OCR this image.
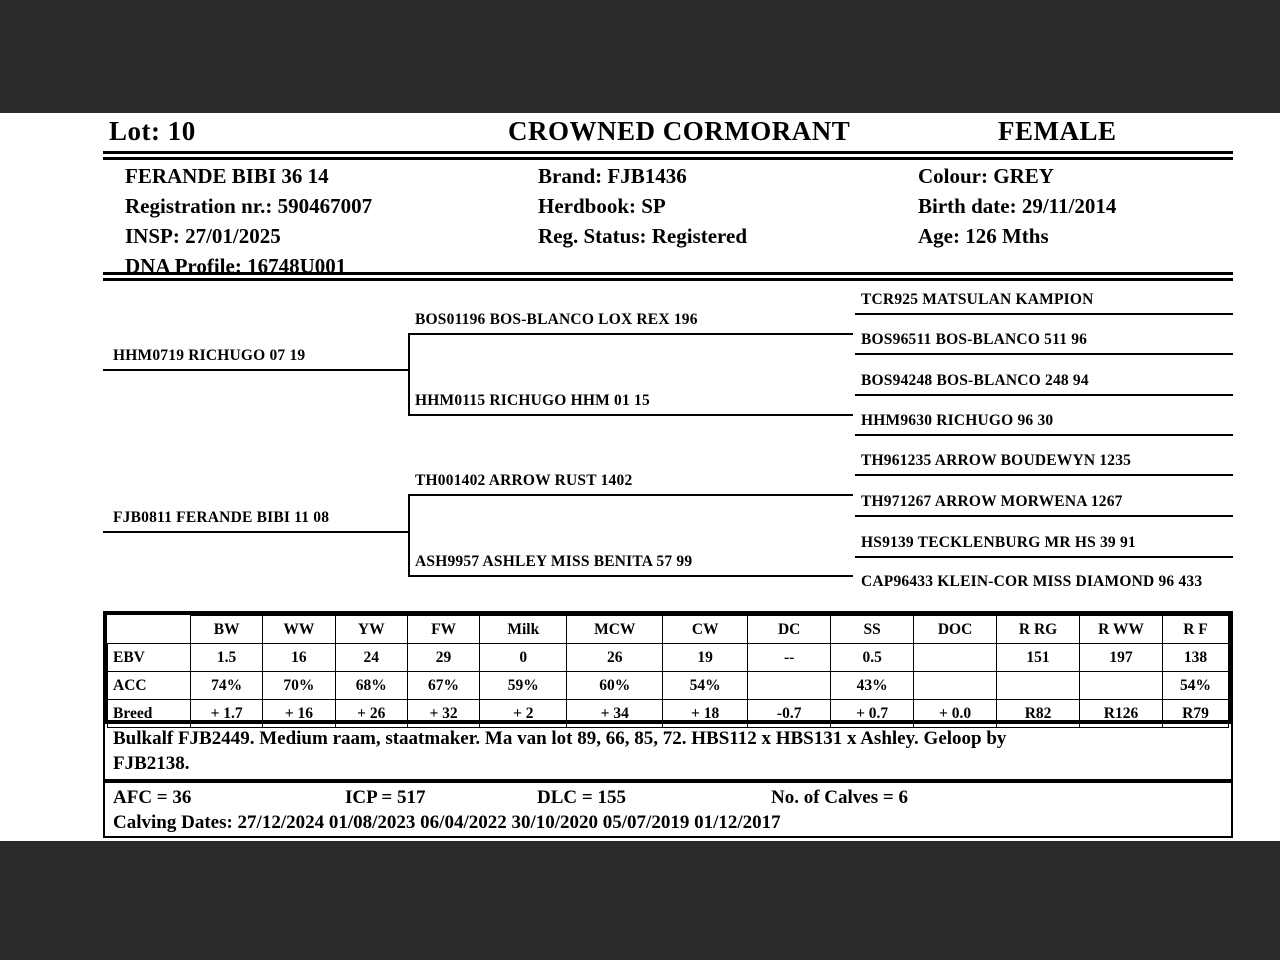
Lot: 10	CROWNED CORMORANT	FEMALE
FERANDE BIBI 36 14	Brand: FJB1436	Colour: GREY
Registration nr.: 590467007	Herdbook: SP	Birth date: 29/11/2014
INSP: 27/01/2025	Reg. Status: Registered	Age: 126 Mths
DNA Profile: 16748U001
TCR925 MATSULAN KAMPION
BOS96511 BOS-BLANCO 511 96
BOS94248 BOS-BLANCO 248 94
HHM9630 RICHUGO 96 30
TH961235 ARROW BOUDEWYN 1235
TH971267 ARROW MORWENA 1267
HS9139 TECKLENBURG MR HS 39 91
CAP96433 KLEIN-COR MISS DIAMOND 96 433
BOS01196 BOS-BLANCO LOX REX 196
HHM0115 RICHUGO HHM 01 15
TH001402 ARROW RUST 1402
ASH9957 ASHLEY MISS BENITA 57 99
HHM0719 RICHUGO 07 19
FJB0811 FERANDE BIBI 11 08
	BW	WW	YW	FW	Milk	MCW	CW	DC	SS	DOC	R RG	R WW	R F
EBV	1.5	16	24	29	0	26	19	--	0.5		151	197	138
ACC	74%	70%	68%	67%	59%	60%	54%		43%				54%
Breed	+ 1.7	+ 16	+ 26	+ 32	+ 2	+ 34	+ 18	-0.7	+ 0.7	+ 0.0	R82	R126	R79
Bulkalf FJB2449. Medium raam, staatmaker. Ma van lot 89, 66, 85, 72. HBS112 x HBS131 x Ashley. Geloop by
FJB2138.
AFC = 36	ICP = 517	DLC = 155	No. of Calves = 6
Calving Dates: 27/12/2024 01/08/2023 06/04/2022 30/10/2020 05/07/2019 01/12/2017
